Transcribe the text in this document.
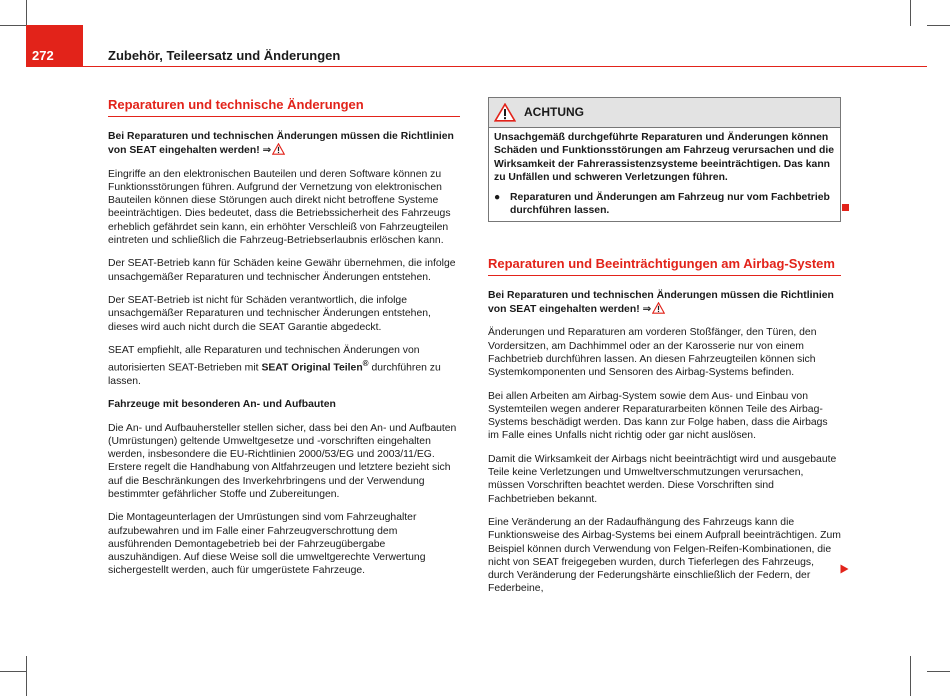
272	Zubehör, Teileersatz und Änderungen
Reparaturen und technische Änderungen

Bei Reparaturen und technischen Änderungen müssen die Richtlinien von SEAT eingehalten werden! ⇒

Eingriffe an den elektronischen Bauteilen und deren Software können zu Funktionsstörungen führen. Aufgrund der Vernetzung von elektronischen Bauteilen können diese Störungen auch direkt nicht betroffene Systeme beeinträchtigen. Dies bedeutet, dass die Betriebssicherheit des Fahrzeugs erheblich gefährdet sein kann, ein erhöhter Verschleiß von Fahrzeugteilen eintreten und schließlich die Fahrzeug-Betriebserlaubnis erlöschen kann.

Der SEAT-Betrieb kann für Schäden keine Gewähr übernehmen, die infolge unsachgemäßer Reparaturen und technischer Änderungen entstehen.

Der SEAT-Betrieb ist nicht für Schäden verantwortlich, die infolge unsachgemäßer Reparaturen und technischer Änderungen entstehen, dieses wird auch nicht durch die SEAT Garantie abgedeckt.

SEAT empfiehlt, alle Reparaturen und technischen Änderungen von autorisierten SEAT-Betrieben mit SEAT Original Teilen® durchführen zu lassen.

Fahrzeuge mit besonderen An- und Aufbauten

Die An- und Aufbauhersteller stellen sicher, dass bei den An- und Aufbauten (Umrüstungen) geltende Umweltgesetze und -vorschriften eingehalten werden, insbesondere die EU-Richtlinien 2000/53/EG und 2003/11/EG. Erstere regelt die Handhabung von Altfahrzeugen und letztere bezieht sich auf die Beschränkungen des Inverkehrbringens und der Verwendung bestimmter gefährlicher Stoffe und Zubereitungen.

Die Montageunterlagen der Umrüstungen sind vom Fahrzeughalter aufzubewahren und im Falle einer Fahrzeugverschrottung dem ausführenden Demontagebetrieb bei der Fahrzeugübergabe auszuhändigen. Auf diese Weise soll die umweltgerechte Verwertung sichergestellt werden, auch für umgerüstete Fahrzeuge.

ACHTUNG

Unsachgemäß durchgeführte Reparaturen und Änderungen können Schäden und Funktionsstörungen am Fahrzeug verursachen und die Wirksamkeit der Fahrerassistenzsysteme beeinträchtigen. Das kann zu Unfällen und schweren Verletzungen führen.

● Reparaturen und Änderungen am Fahrzeug nur vom Fachbetrieb durchführen lassen.
Reparaturen und Beeinträchtigungen am Airbag-System

Bei Reparaturen und technischen Änderungen müssen die Richtlinien von SEAT eingehalten werden! ⇒

Änderungen und Reparaturen am vorderen Stoßfänger, den Türen, den Vordersitzen, am Dachhimmel oder an der Karosserie nur von einem Fachbetrieb durchführen lassen. An diesen Fahrzeugteilen können sich Systemkomponenten und Sensoren des Airbag-Systems befinden.

Bei allen Arbeiten am Airbag-System sowie dem Aus- und Einbau von Systemteilen wegen anderer Reparaturarbeiten können Teile des Airbag-Systems beschädigt werden. Das kann zur Folge haben, dass die Airbags im Falle eines Unfalls nicht richtig oder gar nicht auslösen.

Damit die Wirksamkeit der Airbags nicht beeinträchtigt wird und ausgebaute Teile keine Verletzungen und Umweltverschmutzungen verursachen, müssen Vorschriften beachtet werden. Diese Vorschriften sind Fachbetrieben bekannt.

Eine Veränderung an der Radaufhängung des Fahrzeugs kann die Funktionsweise des Airbag-Systems bei einem Aufprall beeinträchtigen. Zum Beispiel können durch Verwendung von Felgen-Reifen-Kombinationen, die nicht von SEAT freigegeben wurden, durch Tieferlegen des Fahrzeugs, durch Veränderung der Federungshärte einschließlich der Federn, der Federbeine,
